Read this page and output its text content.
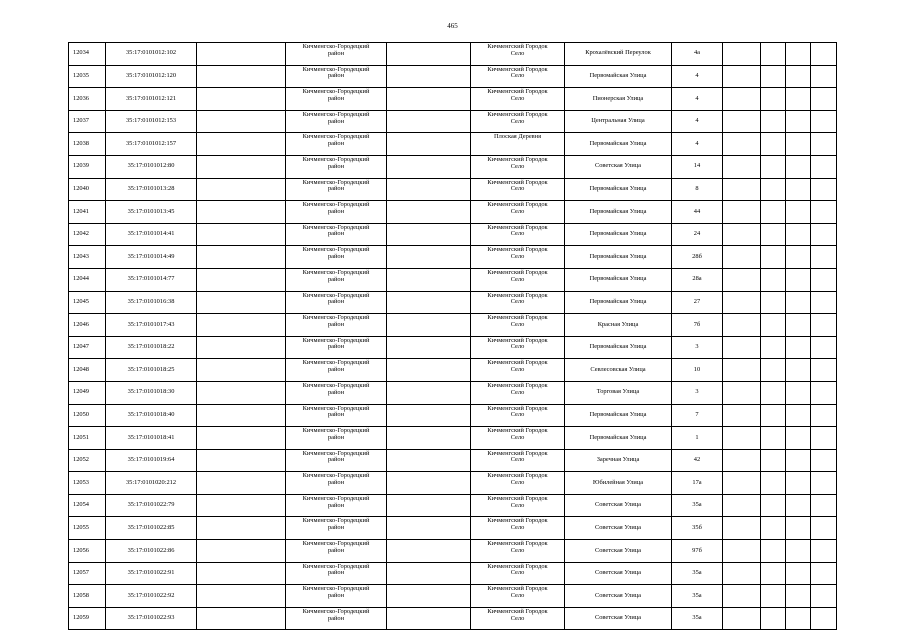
465
12034	35:17:0101012:102		Кичменгско-Городецкий
район		Кичменгский Городок
Село	Крохалёвский Переулок	4а				
12035	35:17:0101012:120		Кичменгско-Городецкий
район		Кичменгский Городок
Село	Первомайская Улица	4				
12036	35:17:0101012:121		Кичменгско-Городецкий
район		Кичменгский Городок
Село	Пионерская Улица	4				
12037	35:17:0101012:153		Кичменгско-Городецкий
район		Кичменгский Городок
Село	Центральная Улица	4				
12038	35:17:0101012:157		Кичменгско-Городецкий
район		Плоская Деревня	Первомайская Улица	4				
12039	35:17:0101012:80		Кичменгско-Городецкий
район		Кичменгский Городок
Село	Советская Улица	14				
12040	35:17:0101013:28		Кичменгско-Городецкий
район		Кичменгский Городок
Село	Первомайская Улица	8				
12041	35:17:0101013:45		Кичменгско-Городецкий
район		Кичменгский Городок
Село	Первомайская Улица	44				
12042	35:17:0101014:41		Кичменгско-Городецкий
район		Кичменгский Городок
Село	Первомайская Улица	24				
12043	35:17:0101014:49		Кичменгско-Городецкий
район		Кичменгский Городок
Село	Первомайская Улица	28б				
12044	35:17:0101014:77		Кичменгско-Городецкий
район		Кичменгский Городок
Село	Первомайская Улица	28а				
12045	35:17:0101016:38		Кичменгско-Городецкий
район		Кичменгский Городок
Село	Первомайская Улица	27				
12046	35:17:0101017:43		Кичменгско-Городецкий
район		Кичменгский Городок
Село	Красная Улица	7б				
12047	35:17:0101018:22		Кичменгско-Городецкий
район		Кичменгский Городок
Село	Первомайская Улица	3				
12048	35:17:0101018:25		Кичменгско-Городецкий
район		Кичменгский Городок
Село	Севлесовская Улица	10				
12049	35:17:0101018:30		Кичменгско-Городецкий
район		Кичменгский Городок
Село	Торговая Улица	3				
12050	35:17:0101018:40		Кичменгско-Городецкий
район		Кичменгский Городок
Село	Первомайская Улица	7				
12051	35:17:0101018:41		Кичменгско-Городецкий
район		Кичменгский Городок
Село	Первомайская Улица	1				
12052	35:17:0101019:64		Кичменгско-Городецкий
район		Кичменгский Городок
Село	Заречная Улица	42				
12053	35:17:0101020:212		Кичменгско-Городецкий
район		Кичменгский Городок
Село	Юбилейная Улица	17а				
12054	35:17:0101022:79		Кичменгско-Городецкий
район		Кичменгский Городок
Село	Советская Улица	35а				
12055	35:17:0101022:85		Кичменгско-Городецкий
район		Кичменгский Городок
Село	Советская Улица	35б				
12056	35:17:0101022:86		Кичменгско-Городецкий
район		Кичменгский Городок
Село	Советская Улица	97б				
12057	35:17:0101022:91		Кичменгско-Городецкий
район		Кичменгский Городок
Село	Советская Улица	35а				
12058	35:17:0101022:92		Кичменгско-Городецкий
район		Кичменгский Городок
Село	Советская Улица	35а				
12059	35:17:0101022:93		Кичменгско-Городецкий
район		Кичменгский Городок
Село	Советская Улица	35а				
